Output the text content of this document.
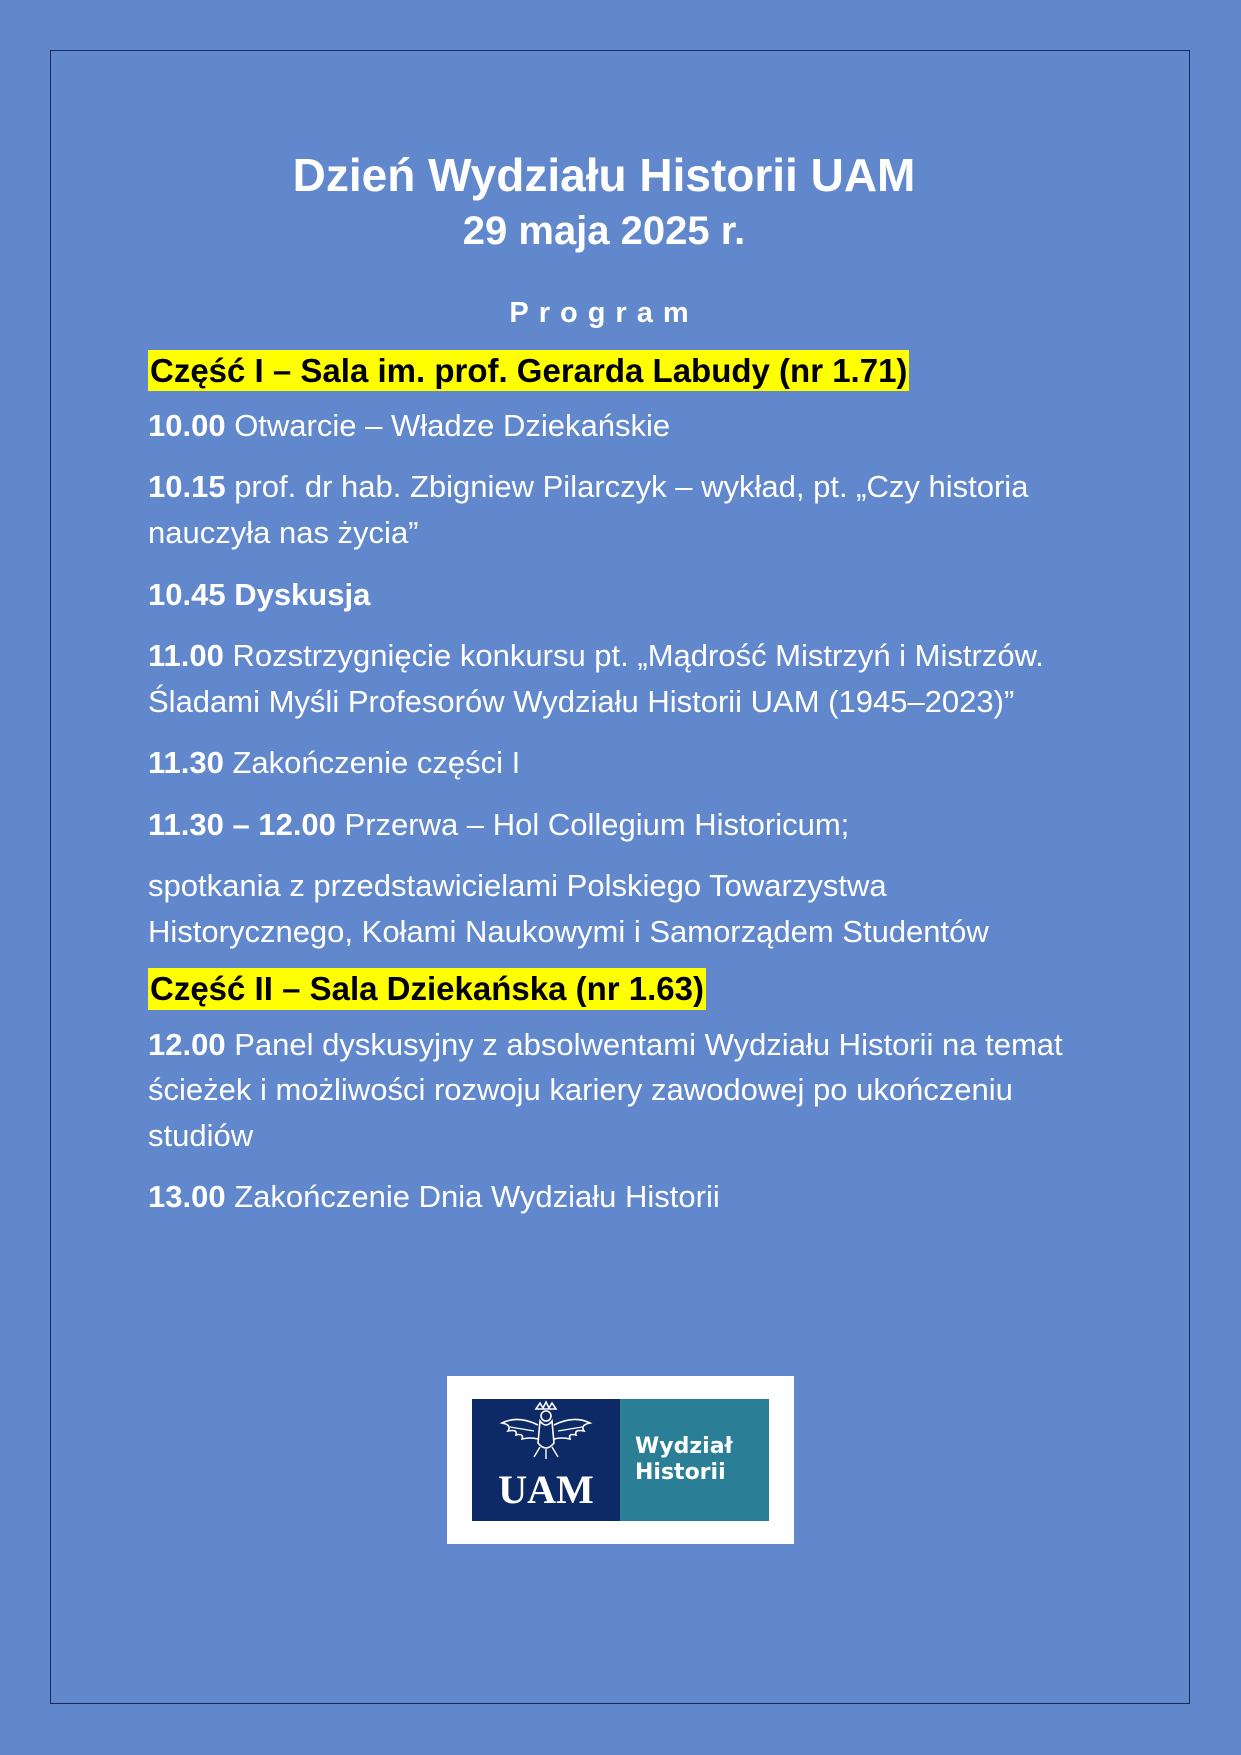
Dzień Wydziału Historii UAM
29 maja 2025 r.
Program
Część I – Sala im. prof. Gerarda Labudy (nr 1.71)
10.00 Otwarcie – Władze Dziekańskie
10.15 prof. dr hab. Zbigniew Pilarczyk – wykład, pt. „Czy historia nauczyła nas życia”
10.45 Dyskusja
11.00 Rozstrzygnięcie konkursu pt. „Mądrość Mistrzyń i Mistrzów. Śladami Myśli Profesorów Wydziału Historii UAM (1945–2023)”
11.30 Zakończenie części I
11.30 – 12.00 Przerwa – Hol Collegium Historicum;
spotkania z przedstawicielami Polskiego Towarzystwa Historycznego, Kołami Naukowymi i Samorządem Studentów
Część II – Sala Dziekańska (nr 1.63)
12.00 Panel dyskusyjny z absolwentami Wydziału Historii na temat ścieżek i możliwości rozwoju kariery zawodowej po ukończeniu studiów
13.00 Zakończenie Dnia Wydziału Historii
UAM
Wydział
Historii
